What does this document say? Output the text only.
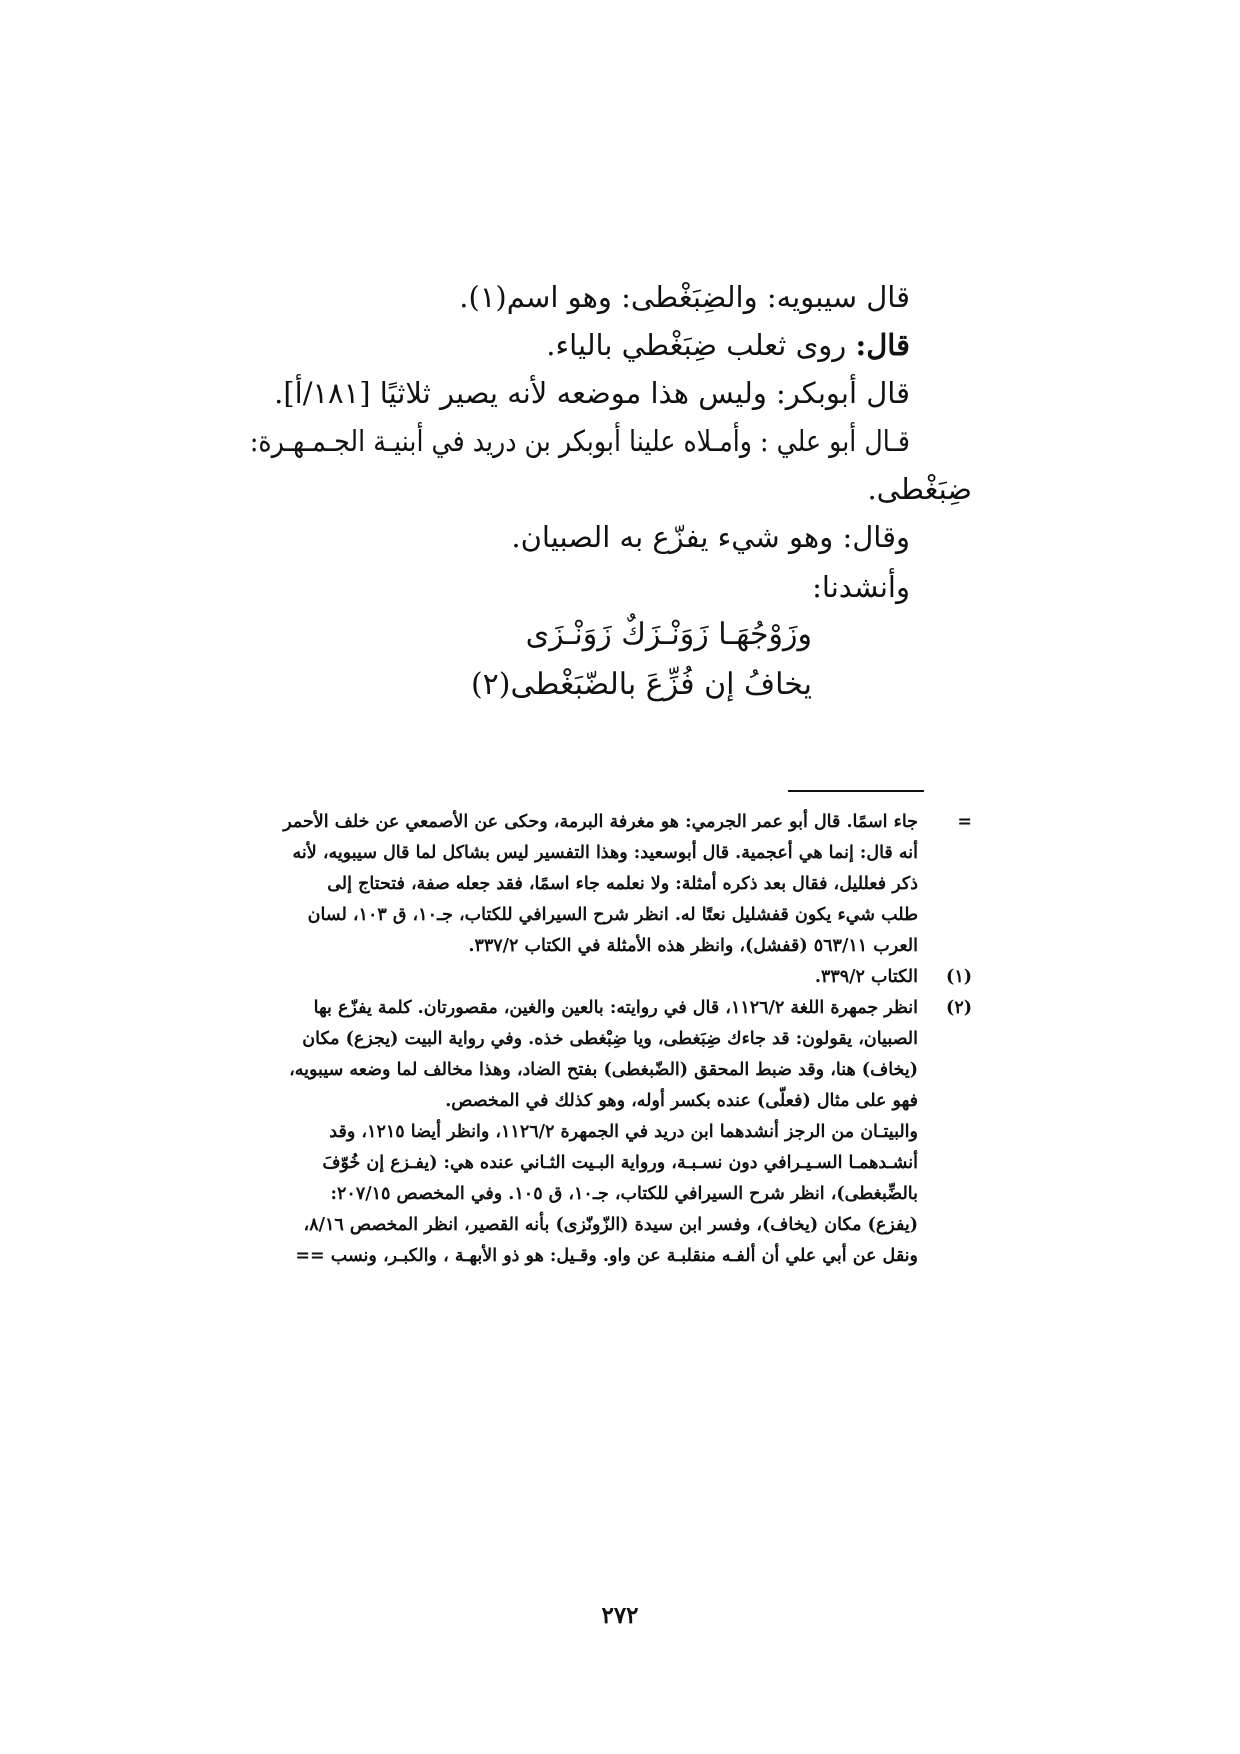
قال سيبويه: والضِبَغْطى: وهو اسم(١).
قال: روى ثعلب ضِبَغْطي بالياء.
قال أبوبكر: وليس هذا موضعه لأنه يصير ثلاثيًا [١٨١/أ].
قـال أبو علي : وأمـلاه علينا أبوبكر بن دريد في أبنيـة الجـمـهـرة:
ضِبَغْطى.
وقال: وهو شيء يفزّع به الصبيان.
وأنشدنا:
وزَوْجُهَـا زَوَنْـزَكٌ زَوَنْـزَى
يخافُ إن فُزِّعَ بالضّبَغْطى(٢)
=
جاء اسمًا. قال أبو عمر الجرمي: هو مغرفة البرمة، وحكى عن الأصمعي عن خلف الأحمر
أنه قال: إنما هي أعجمية. قال أبوسعيد: وهذا التفسير ليس بشاكل لما قال سيبويه، لأنه
ذكر فعلليل، فقال بعد ذكره أمثلة: ولا نعلمه جاء اسمًا، فقد جعله صفة، فتحتاج إلى
طلب شيء يكون قفشليل نعتًا له. انظر شرح السيرافي للكتاب، جـ١٠، ق ١٠٣، لسان
العرب ٥٦٣/١١ (قفشل)، وانظر هذه الأمثلة في الكتاب ٣٣٧/٢.
(١)
الكتاب ٣٣٩/٢.
(٢)
انظر جمهرة اللغة ١١٢٦/٢، قال في روايته: بالعين والغين، مقصورتان. كلمة يفزّع بها
الصبيان، يقولون: قد جاءك ضِبَغطى، ويا ضِبْغطى خذه. وفي رواية البيت (يجزع) مكان
(يخاف) هنا، وقد ضبط المحقق (الضّبغطى) بفتح الضاد، وهذا مخالف لما وضعه سيبويه،
فهو على مثال (فعلّى) عنده بكسر أوله، وهو كذلك في المخصص.
والبيتـان من الرجز أنشدهما ابن دريد في الجمهرة ١١٢٦/٢، وانظر أيضا ١٢١٥، وقد
أنشـدهمـا السـيـرافي دون نسـبـة، ورواية البـيت الثـاني عنده هي: (يفـزع إن خُوّفَ
بالضِّبغطى)، انظر شرح السيرافي للكتاب، جـ١٠، ق ١٠٥. وفي المخصص ٢٠٧/١٥:
(يفزع) مكان (يخاف)، وفسر ابن سيدة (الزّونّزى) بأنه القصير، انظر المخصص ٨/١٦،
ونقل عن أبي علي أن ألفـه منقلبـة عن واو. وقـيل: هو ذو الأبهـة ، والكبـر، ونسب ==
٢٧٢
